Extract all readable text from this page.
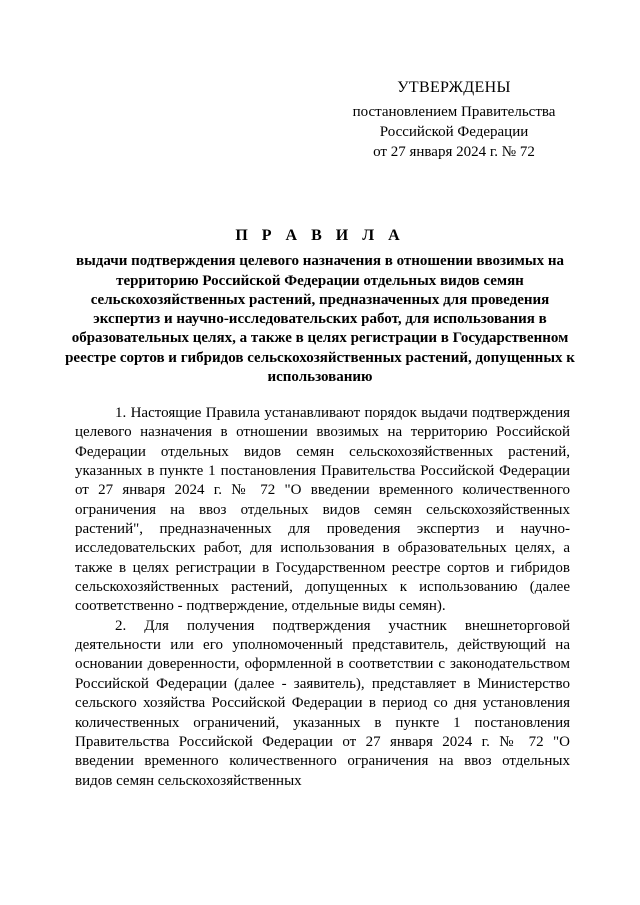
УТВЕРЖДЕНЫ
постановлением Правительства
Российской Федерации
от 27 января 2024 г. № 72
П Р А В И Л А
выдачи подтверждения целевого назначения в отношении ввозимых на территорию Российской Федерации отдельных видов семян сельскохозяйственных растений, предназначенных для проведения экспертиз и научно-исследовательских работ, для использования в образовательных целях, а также в целях регистрации в Государственном реестре сортов и гибридов сельскохозяйственных растений, допущенных к использованию

1. Настоящие Правила устанавливают порядок выдачи подтверждения целевого назначения в отношении ввозимых на территорию Российской Федерации отдельных видов семян сельскохозяйственных растений, указанных в пункте 1 постановления Правительства Российской Федерации от 27 января 2024 г. № 72 "О введении временного количественного ограничения на ввоз отдельных видов семян сельскохозяйственных растений", предназначенных для проведения экспертиз и научно-исследовательских работ, для использования в образовательных целях, а также в целях регистрации в Государственном реестре сортов и гибридов сельскохозяйственных растений, допущенных к использованию (далее соответственно - подтверждение, отдельные виды семян).

2. Для получения подтверждения участник внешнеторговой деятельности или его уполномоченный представитель, действующий на основании доверенности, оформленной в соответствии с законодательством Российской Федерации (далее - заявитель), представляет в Министерство сельского хозяйства Российской Федерации в период со дня установления количественных ограничений, указанных в пункте 1 постановления Правительства Российской Федерации от 27 января 2024 г. № 72 "О введении временного количественного ограничения на ввоз отдельных видов семян сельскохозяйственных
